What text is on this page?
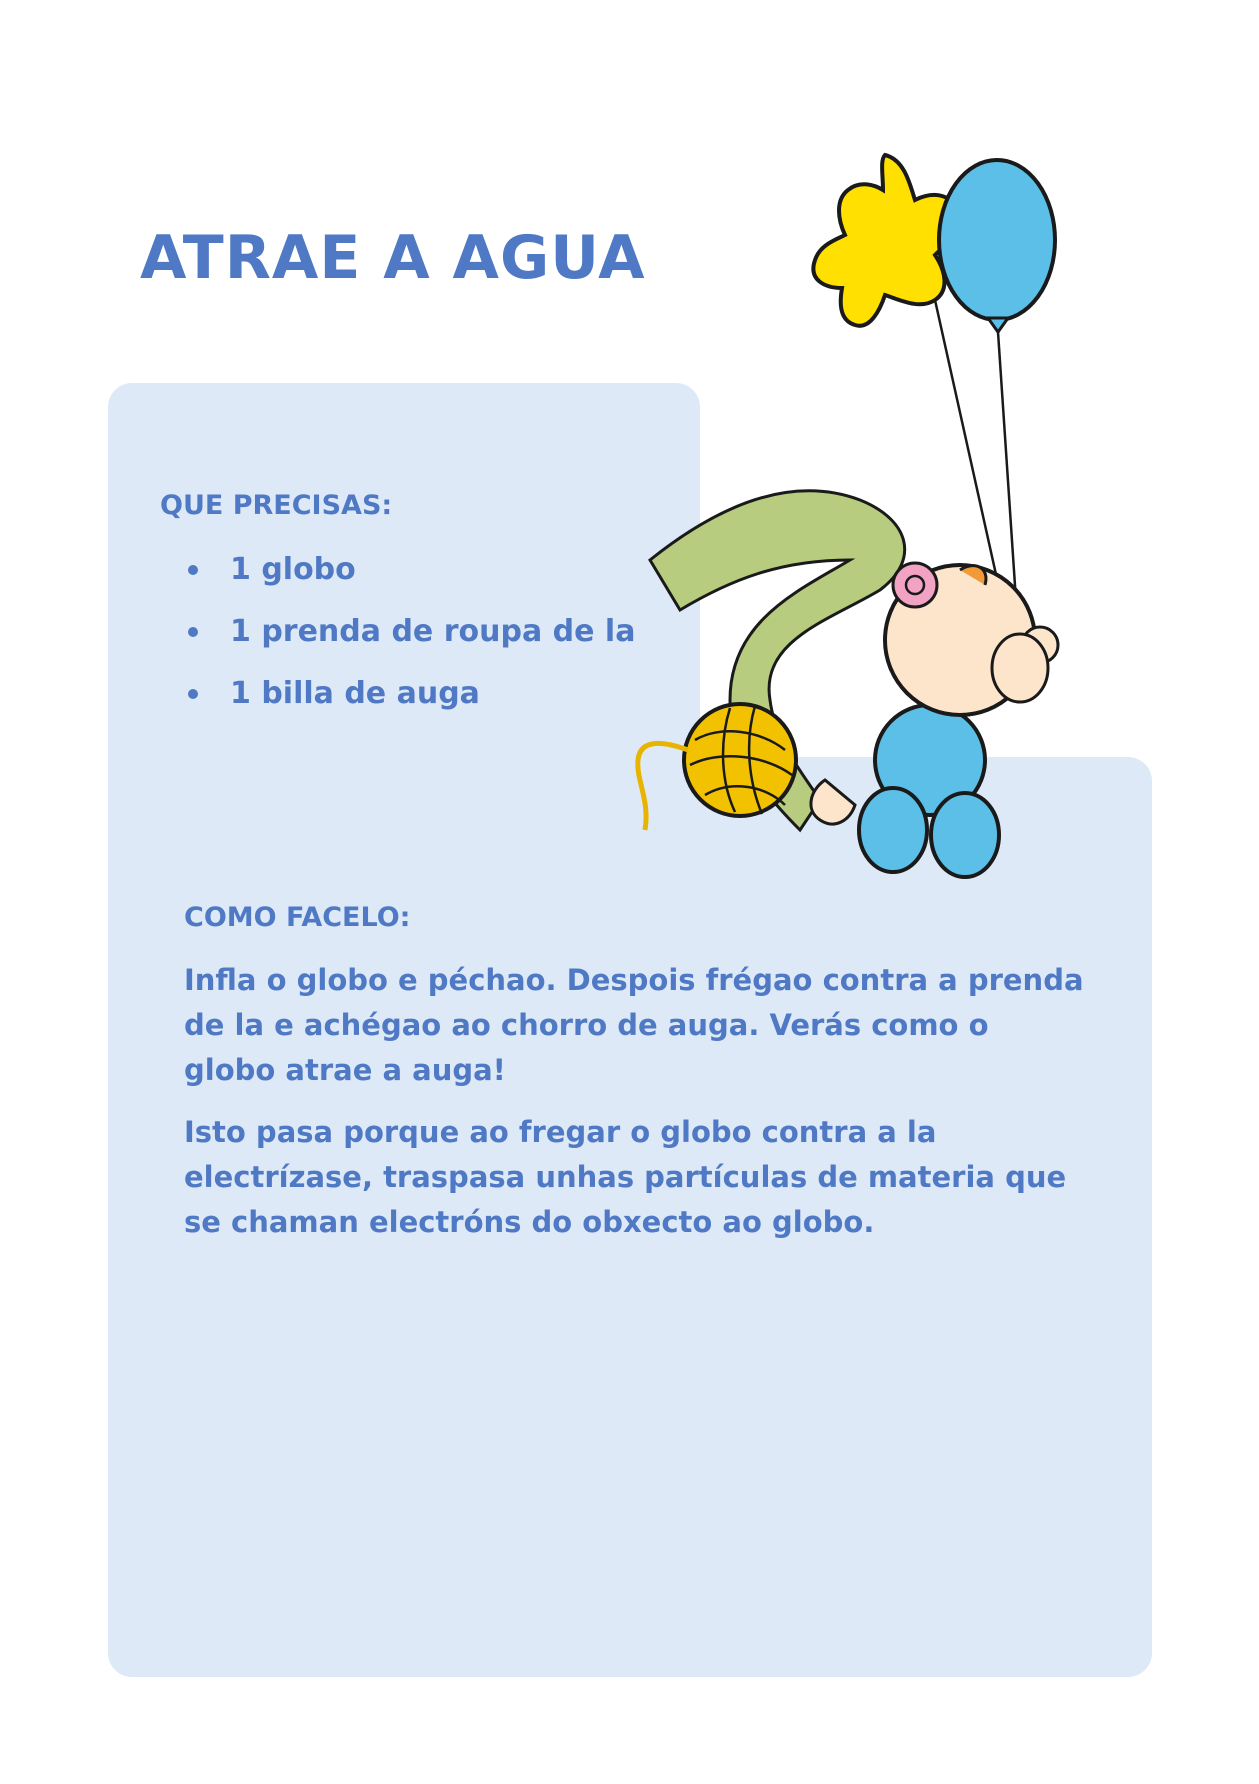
ATRAE A AGUA
QUE PRECISAS:
1 globo
1 prenda de roupa de la
1 billa de auga
COMO FACELO:

Infla o globo e péchao. Despois frégao contra a prenda de la e achégao ao chorro de auga. Verás como o globo atrae a auga!

Isto pasa porque ao fregar o globo contra a la electrízase, traspasa unhas partículas de materia que se chaman electróns do obxecto ao globo.
